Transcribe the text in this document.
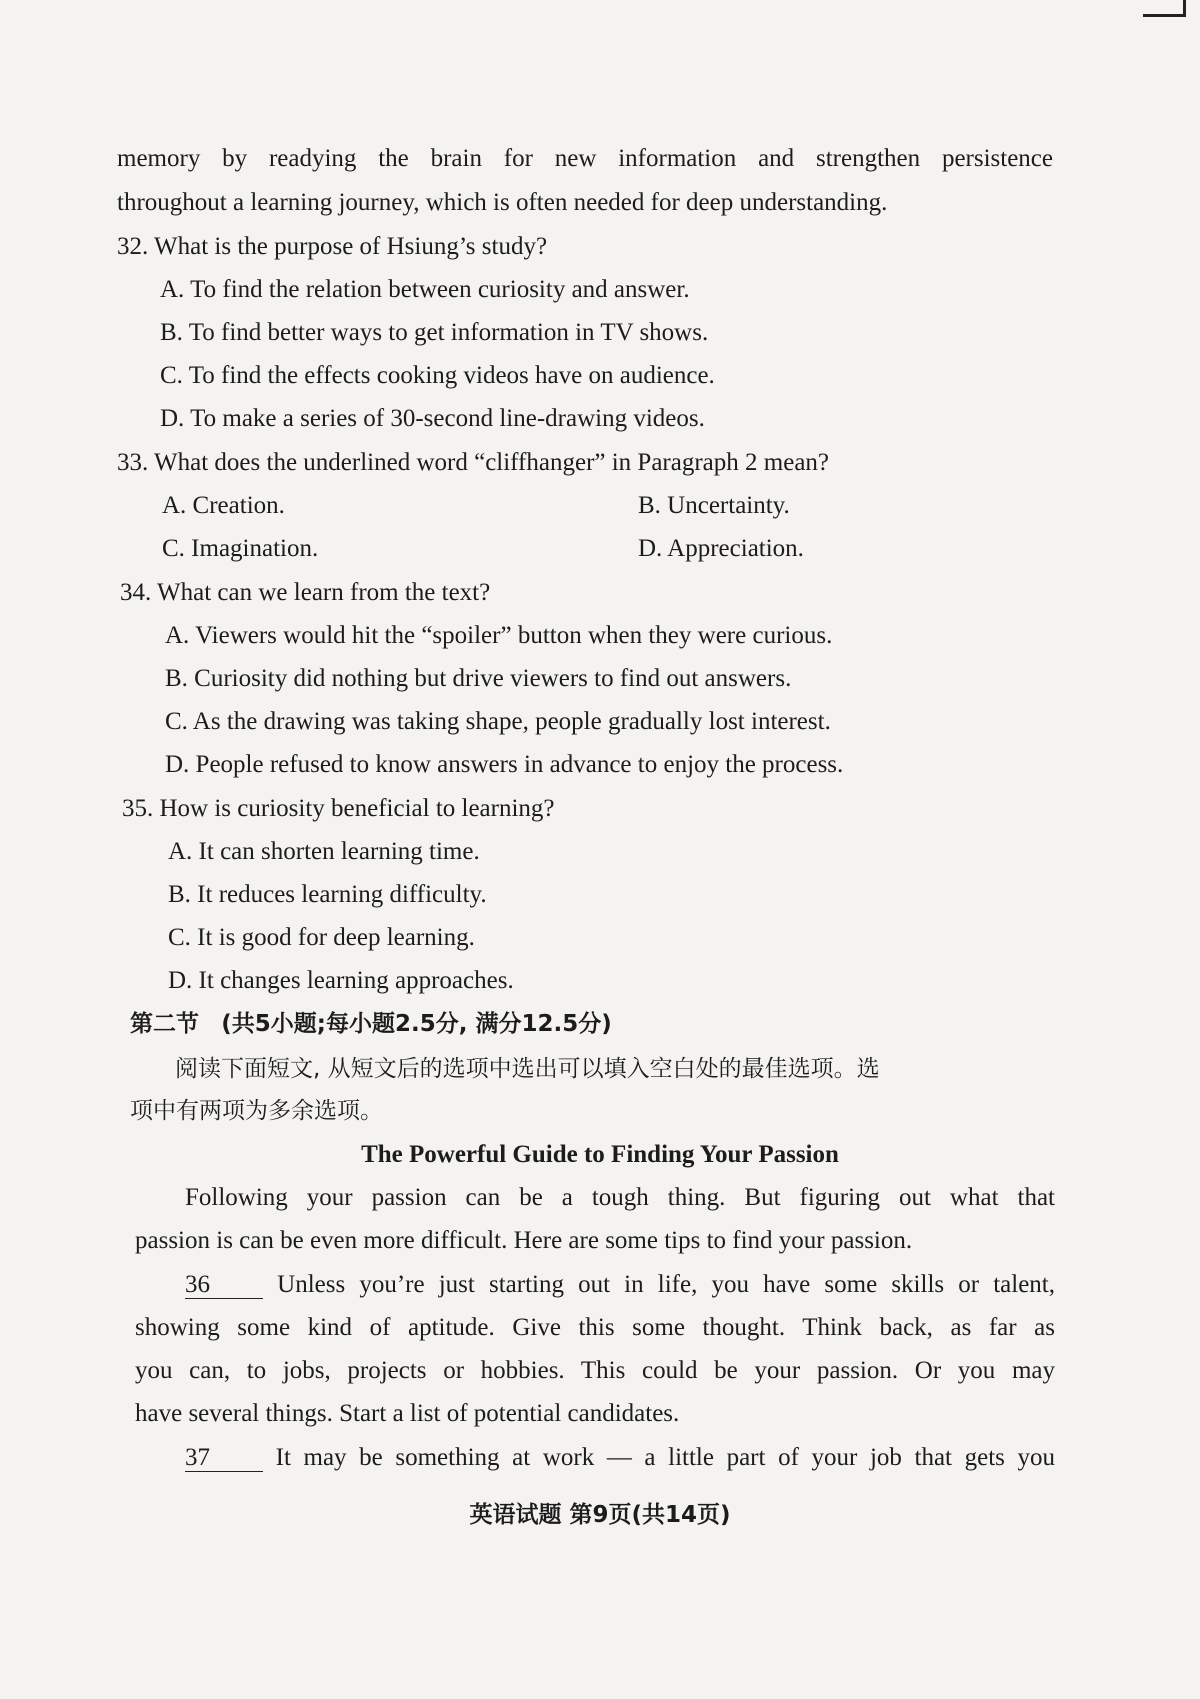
memory by readying the brain for new information and strengthen persistence
throughout a learning journey, which is often needed for deep understanding.
32. What is the purpose of Hsiung’s study?
A. To find the relation between curiosity and answer.
B. To find better ways to get information in TV shows.
C. To find the effects cooking videos have on audience.
D. To make a series of 30-second line-drawing videos.
33. What does the underlined word “cliffhanger” in Paragraph 2 mean?
A. Creation.	B. Uncertainty.
C. Imagination.	D. Appreciation.
34. What can we learn from the text?
A. Viewers would hit the “spoiler” button when they were curious.
B. Curiosity did nothing but drive viewers to find out answers.
C. As the drawing was taking shape, people gradually lost interest.
D. People refused to know answers in advance to enjoy the process.
35. How is curiosity beneficial to learning?
A. It can shorten learning time.
B. It reduces learning difficulty.
C. It is good for deep learning.
D. It changes learning approaches.
第二节 (共5小题;每小题2.5分, 满分12.5分)
阅读下面短文, 从短文后的选项中选出可以填入空白处的最佳选项。选
项中有两项为多余选项。
The Powerful Guide to Finding Your Passion
Following your passion can be a tough thing. But figuring out what that
passion is can be even more difficult. Here are some tips to find your passion.
36	Unless you’re just starting out in life, you have some skills or talent,
showing some kind of aptitude. Give this some thought. Think back, as far as
you can, to jobs, projects or hobbies. This could be your passion. Or you may
have several things. Start a list of potential candidates.
37	It may be something at work — a little part of your job that gets you
英语试题 第9页(共14页)
